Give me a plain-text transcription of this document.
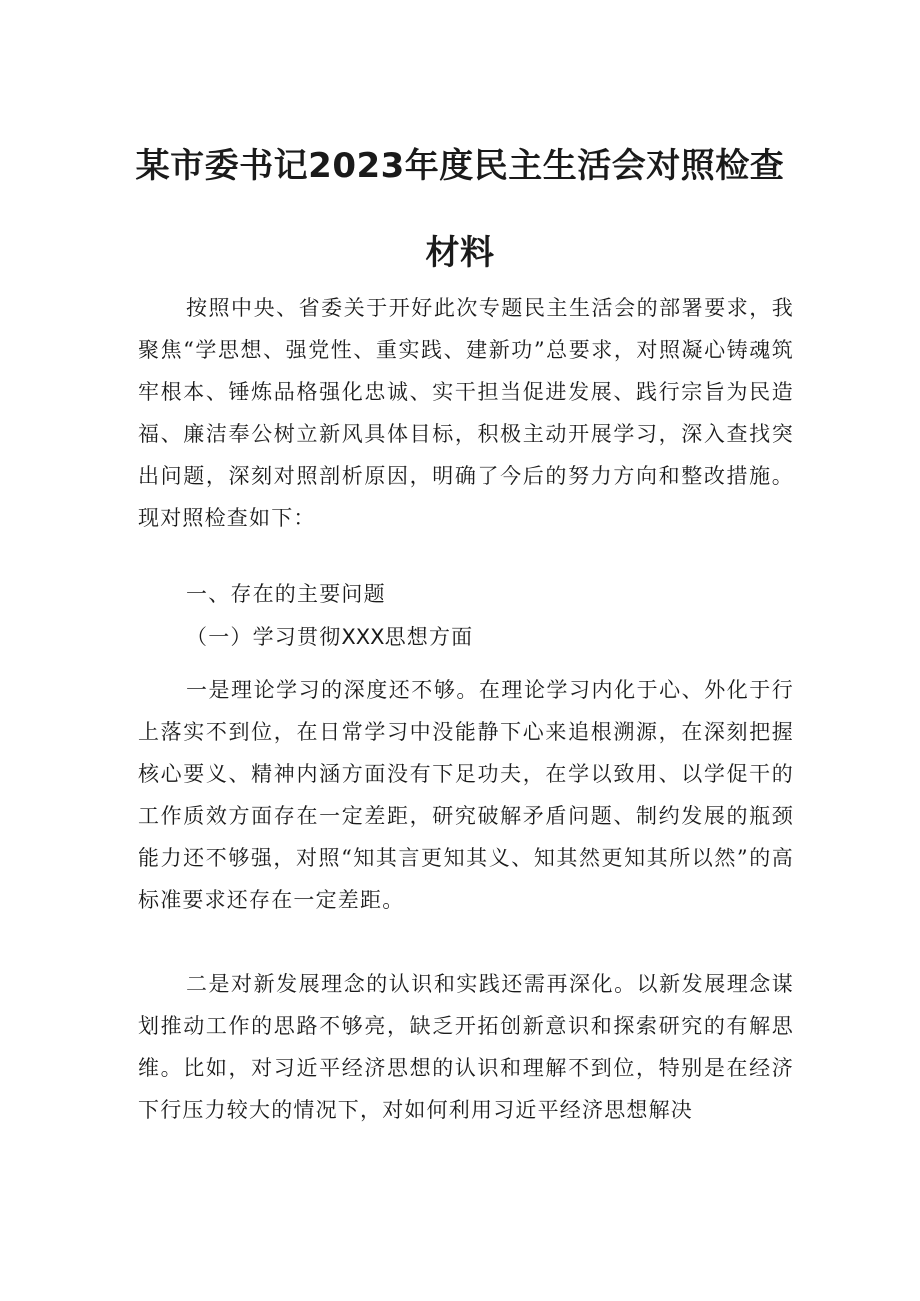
某市委书记2023年度民主生活会对照检查
材料
按照中央、省委关于开好此次专题民主生活会的部署要求，我聚焦“学思想、强党性、重实践、建新功”总要求，对照凝心铸魂筑牢根本、锤炼品格强化忠诚、实干担当促进发展、践行宗旨为民造福、廉洁奉公树立新风具体目标，积极主动开展学习，深入查找突出问题，深刻对照剖析原因，明确了今后的努力方向和整改措施。现对照检查如下：
一、存在的主要问题
（一）学习贯彻XXX思想方面
一是理论学习的深度还不够。在理论学习内化于心、外化于行上落实不到位，在日常学习中没能静下心来追根溯源，在深刻把握核心要义、精神内涵方面没有下足功夫，在学以致用、以学促干的工作质效方面存在一定差距，研究破解矛盾问题、制约发展的瓶颈能力还不够强，对照“知其言更知其义、知其然更知其所以然”的高标准要求还存在一定差距。
二是对新发展理念的认识和实践还需再深化。以新发展理念谋划推动工作的思路不够亮，缺乏开拓创新意识和探索研究的有解思维。比如，对习近平经济思想的认识和理解不到位，特别是在经济下行压力较大的情况下，对如何利用习近平经济思想解决
